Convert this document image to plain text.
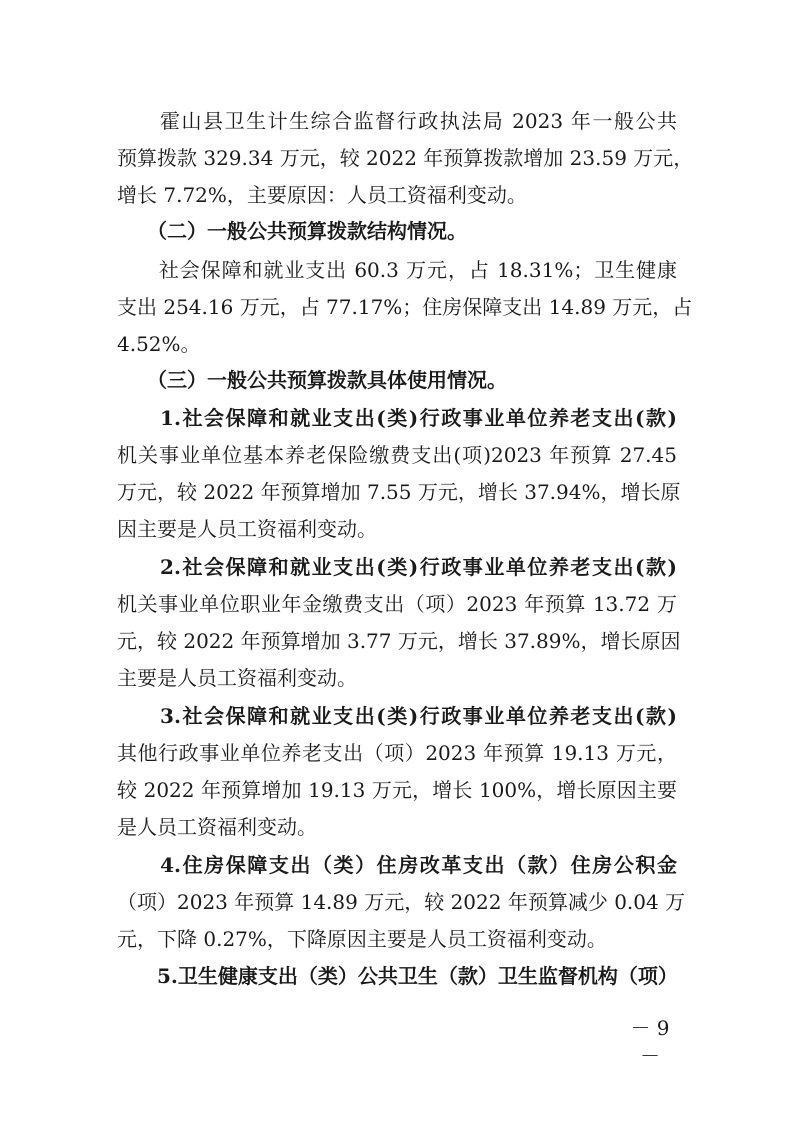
　　霍山县卫生计生综合监督行政执法局 2023 年一般公共
预算拨款 329.34 万元，较 2022 年预算拨款增加 23.59 万元，
增长 7.72%，主要原因：人员工资福利变动。
　　（二）一般公共预算拨款结构情况。
　　社会保障和就业支出 60.3 万元，占 18.31%；卫生健康
支出 254.16 万元，占 77.17%；住房保障支出 14.89 万元，占
4.52%。
　　（三）一般公共预算拨款具体使用情况。
　　1.社会保障和就业支出(类)行政事业单位养老支出(款)
机关事业单位基本养老保险缴费支出(项)2023 年预算 27.45
万元，较 2022 年预算增加 7.55 万元，增长 37.94%，增长原
因主要是人员工资福利变动。
　　2.社会保障和就业支出(类)行政事业单位养老支出(款)
机关事业单位职业年金缴费支出（项）2023 年预算 13.72 万
元，较 2022 年预算增加 3.77 万元，增长 37.89%，增长原因
主要是人员工资福利变动。
　　3.社会保障和就业支出(类)行政事业单位养老支出(款)
其他行政事业单位养老支出（项）2023 年预算 19.13 万元，
较 2022 年预算增加 19.13 万元，增长 100%，增长原因主要
是人员工资福利变动。
　　4.住房保障支出（类）住房改革支出（款）住房公积金
（项）2023 年预算 14.89 万元，较 2022 年预算减少 0.04 万
元，下降 0.27%，下降原因主要是人员工资福利变动。
　　5.卫生健康支出（类）公共卫生（款）卫生监督机构（项）
－ 9 －
